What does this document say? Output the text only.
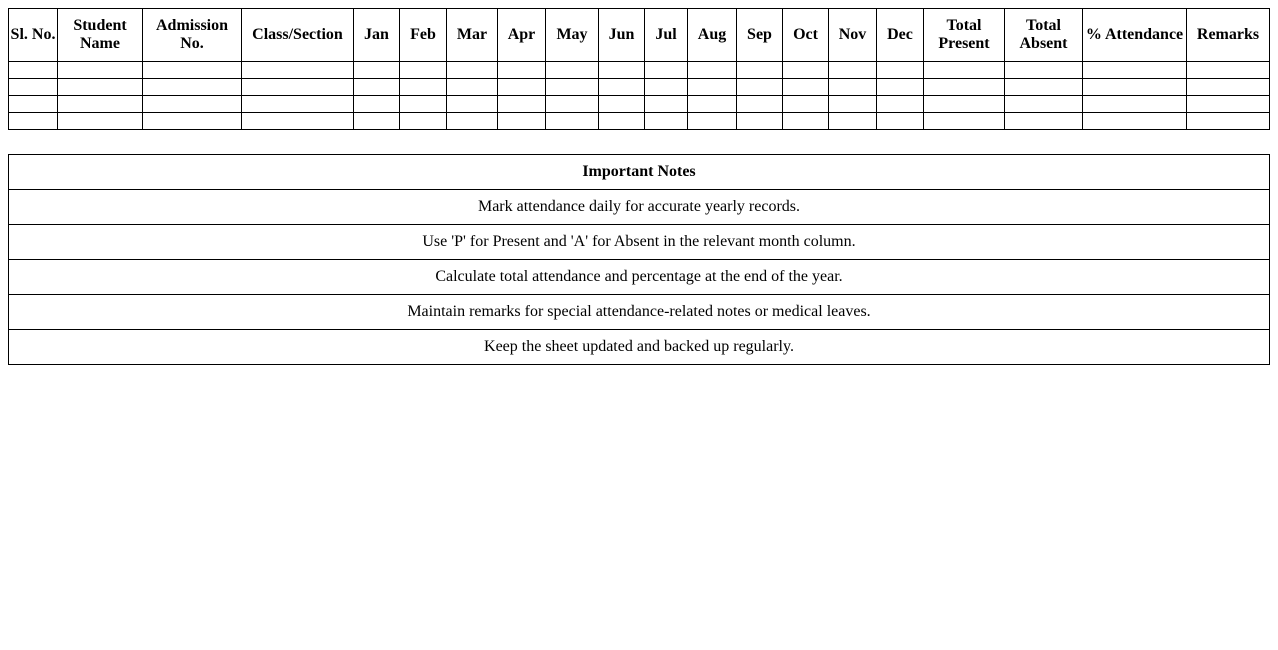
Sl. No.	Student Name	Admission No.	Class/Section	Jan	Feb	Mar	Apr	May	Jun	Jul	Aug	Sep	Oct	Nov	Dec	Total Present	Total Absent	% Attendance	Remarks

Important Notes
Mark attendance daily for accurate yearly records.
Use 'P' for Present and 'A' for Absent in the relevant month column.
Calculate total attendance and percentage at the end of the year.
Maintain remarks for special attendance-related notes or medical leaves.
Keep the sheet updated and backed up regularly.
